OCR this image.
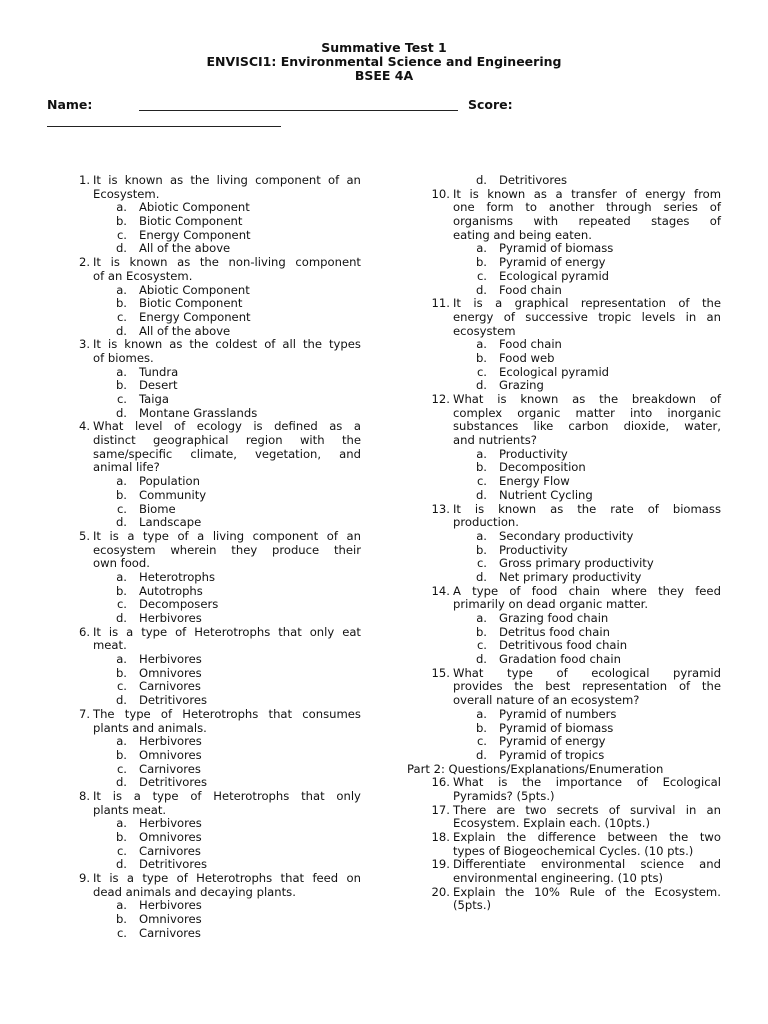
Summative Test 1
ENVISCI1: Environmental Science and Engineering
BSEE 4A
Name:	Score:
1. It is known as the living component of an
Ecosystem.
a. Abiotic Component
b. Biotic Component
c. Energy Component
d. All of the above
2. It is known as the non-living component
of an Ecosystem.
a. Abiotic Component
b. Biotic Component
c. Energy Component
d. All of the above
3. It is known as the coldest of all the types
of biomes.
a. Tundra
b. Desert
c. Taiga
d. Montane Grasslands
4. What level of ecology is defined as a
distinct geographical region with the
same/specific climate, vegetation, and
animal life?
a. Population
b. Community
c. Biome
d. Landscape
5. It is a type of a living component of an
ecosystem wherein they produce their
own food.
a. Heterotrophs
b. Autotrophs
c. Decomposers
d. Herbivores
6. It is a type of Heterotrophs that only eat
meat.
a. Herbivores
b. Omnivores
c. Carnivores
d. Detritivores
7. The type of Heterotrophs that consumes
plants and animals.
a. Herbivores
b. Omnivores
c. Carnivores
d. Detritivores
8. It is a type of Heterotrophs that only
plants meat.
a. Herbivores
b. Omnivores
c. Carnivores
d. Detritivores
9. It is a type of Heterotrophs that feed on
dead animals and decaying plants.
a. Herbivores
b. Omnivores
c. Carnivores
d. Detritivores
10. It is known as a transfer of energy from
one form to another through series of
organisms with repeated stages of
eating and being eaten.
a. Pyramid of biomass
b. Pyramid of energy
c. Ecological pyramid
d. Food chain
11. It is a graphical representation of the
energy of successive tropic levels in an
ecosystem
a. Food chain
b. Food web
c. Ecological pyramid
d. Grazing
12. What is known as the breakdown of
complex organic matter into inorganic
substances like carbon dioxide, water,
and nutrients?
a. Productivity
b. Decomposition
c. Energy Flow
d. Nutrient Cycling
13. It is known as the rate of biomass
production.
a. Secondary productivity
b. Productivity
c. Gross primary productivity
d. Net primary productivity
14. A type of food chain where they feed
primarily on dead organic matter.
a. Grazing food chain
b. Detritus food chain
c. Detritivous food chain
d. Gradation food chain
15. What type of ecological pyramid
provides the best representation of the
overall nature of an ecosystem?
a. Pyramid of numbers
b. Pyramid of biomass
c. Pyramid of energy
d. Pyramid of tropics
Part 2: Questions/Explanations/Enumeration
16. What is the importance of Ecological
Pyramids? (5pts.)
17. There are two secrets of survival in an
Ecosystem. Explain each. (10pts.)
18. Explain the difference between the two
types of Biogeochemical Cycles. (10 pts.)
19. Differentiate environmental science and
environmental engineering. (10 pts)
20. Explain the 10% Rule of the Ecosystem.
(5pts.)
